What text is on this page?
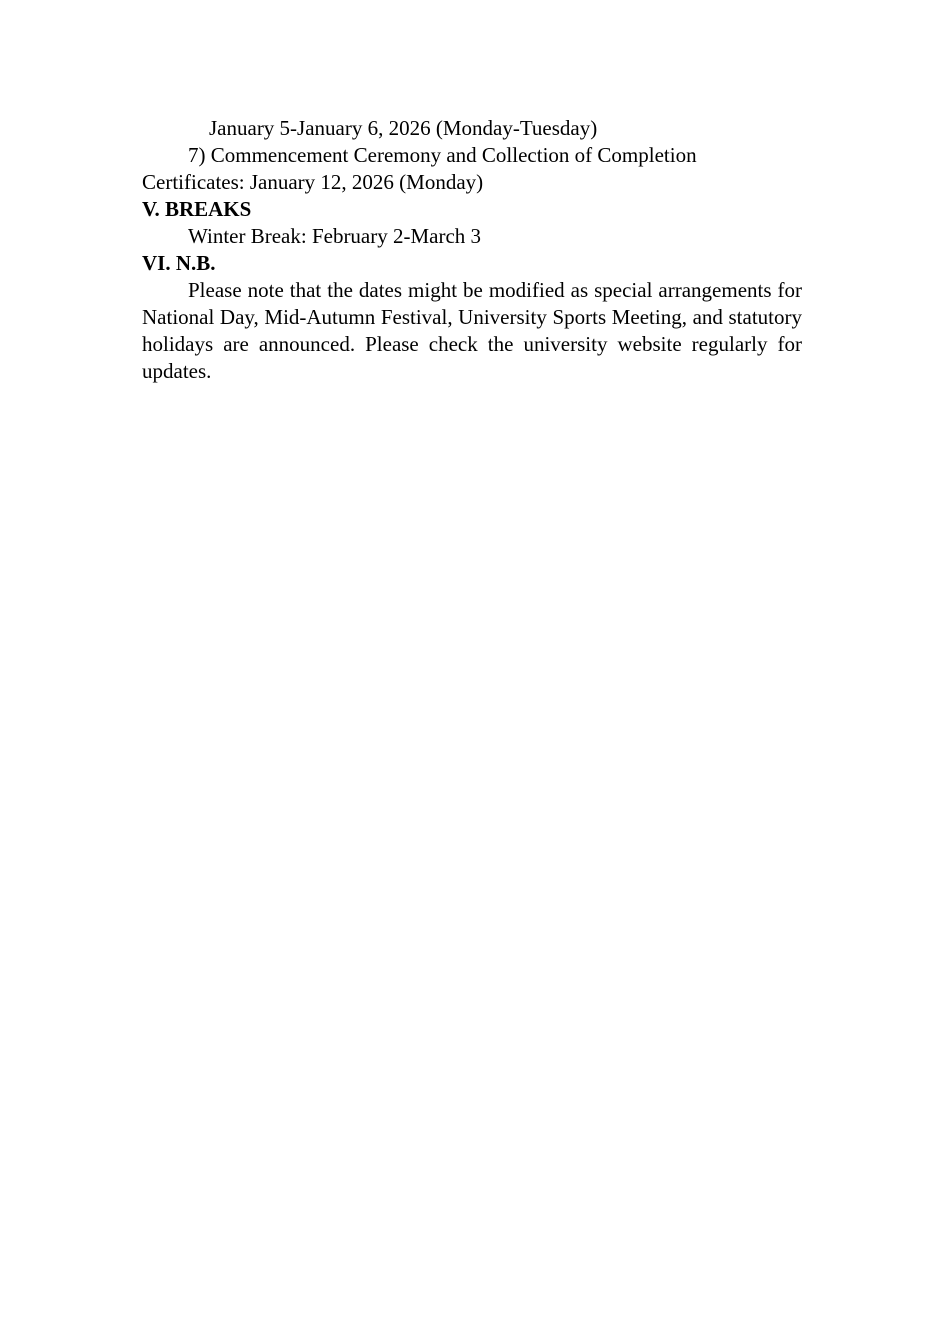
January 5-January 6, 2026 (Monday-Tuesday)
7) Commencement Ceremony and Collection of Completion
Certificates: January 12, 2026 (Monday)
V. BREAKS
Winter Break: February 2-March 3
VI. N.B.

Please note that the dates might be modified as special arrangements for National Day, Mid-Autumn Festival, University Sports Meeting, and statutory holidays are announced. Please check the university website regularly for updates.
